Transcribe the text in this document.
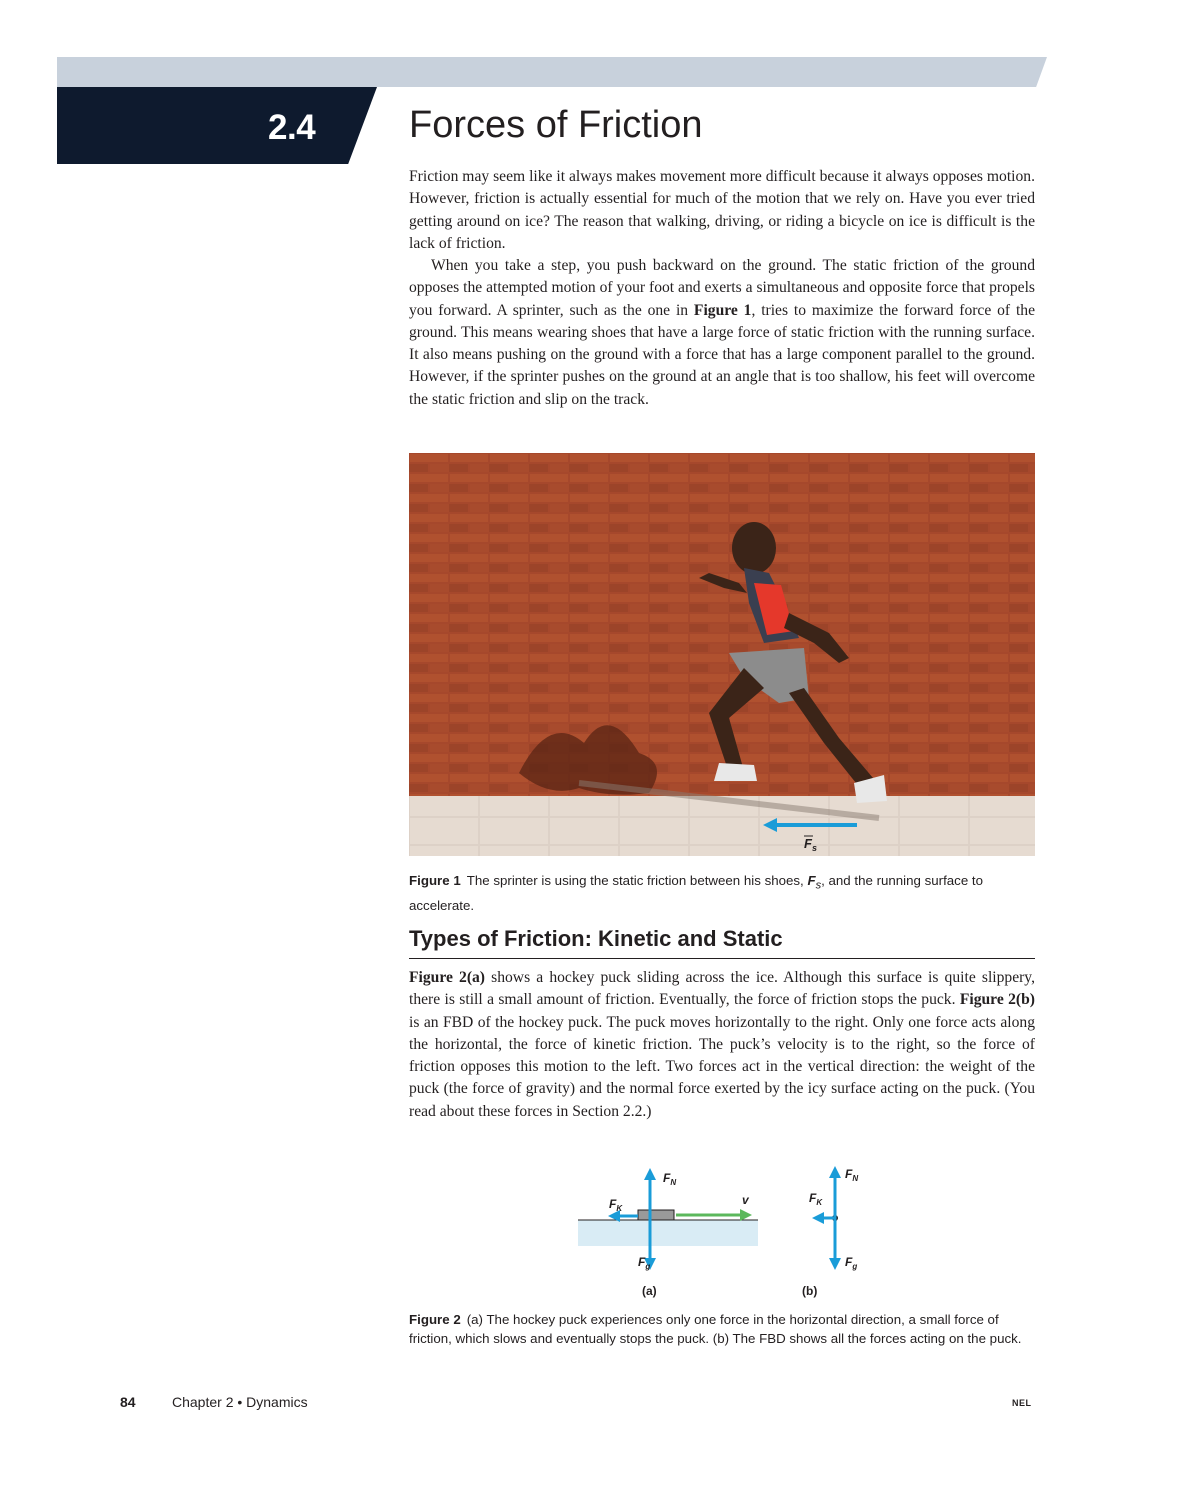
2.4 Forces of Friction

Friction may seem like it always makes movement more difficult because it always opposes motion. However, friction is actually essential for much of the motion that we rely on. Have you ever tried getting around on ice? The reason that walking, driving, or riding a bicycle on ice is difficult is the lack of friction.

When you take a step, you push backward on the ground. The static friction of the ground opposes the attempted motion of your foot and exerts a simultaneous and opposite force that propels you forward. A sprinter, such as the one in Figure 1, tries to maximize the forward force of the ground. This means wearing shoes that have a large force of static friction with the running surface. It also means pushing on the ground with a force that has a large component parallel to the ground. However, if the sprinter pushes on the ground at an angle that is too shallow, his feet will overcome the static friction and slip on the track.

$F_s$

Figure 1 The sprinter is using the static friction between his shoes, $F_s$, and the running surface to accelerate.

Types of Friction: Kinetic and Static

Figure 2(a) shows a hockey puck sliding across the ice. Although this surface is quite slippery, there is still a small amount of friction. Eventually, the force of friction stops the puck. Figure 2(b) is an FBD of the hockey puck. The puck moves horizontally to the right. Only one force acts along the horizontal, the force of kinetic friction. The puck’s velocity is to the right, so the force of friction opposes this motion to the left. Two forces act in the vertical direction: the weight of the puck (the force of gravity) and the normal force exerted by the icy surface acting on the puck. (You read about these forces in Section 2.2.)

$F_N$
$F_K$
$F_g$
v
$F_N$
$F_K$
$F_g$
(a)	(b)

Figure 2 (a) The hockey puck experiences only one force in the horizontal direction, a small force of friction, which slows and eventually stops the puck. (b) The FBD shows all the forces acting on the puck.

84	Chapter 2 • Dynamics	NEL
